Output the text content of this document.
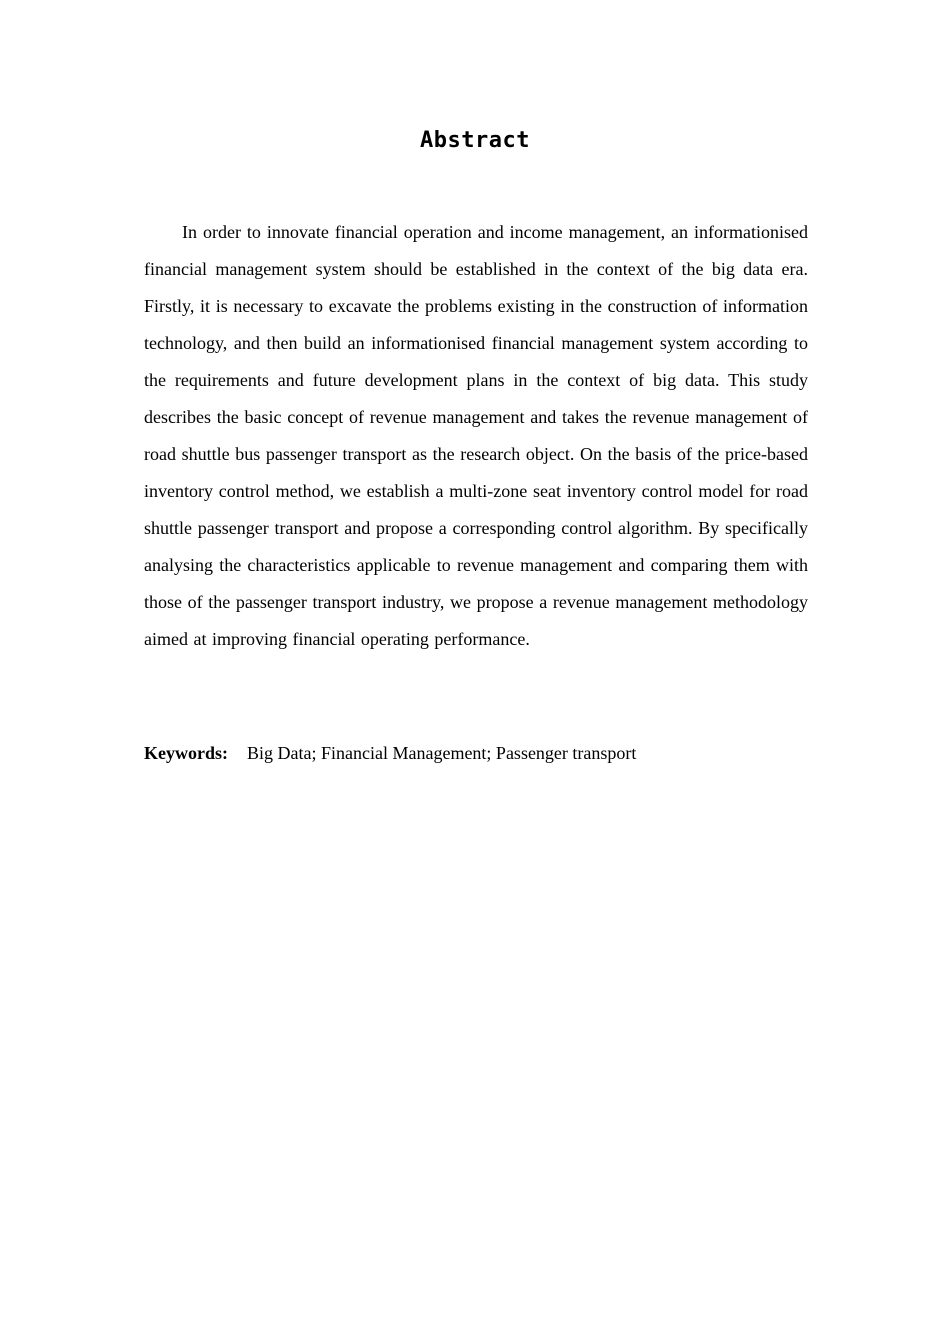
Abstract

In order to innovate financial operation and income management, an informationised financial management system should be established in the context of the big data era. Firstly, it is necessary to excavate the problems existing in the construction of information technology, and then build an informationised financial management system according to the requirements and future development plans in the context of big data. This study describes the basic concept of revenue management and takes the revenue management of road shuttle bus passenger transport as the research object. On the basis of the price-based inventory control method, we establish a multi-zone seat inventory control model for road shuttle passenger transport and propose a corresponding control algorithm. By specifically analysing the characteristics applicable to revenue management and comparing them with those of the passenger transport industry, we propose a revenue management methodology aimed at improving financial operating performance.

Keywords: Big Data; Financial Management; Passenger transport
